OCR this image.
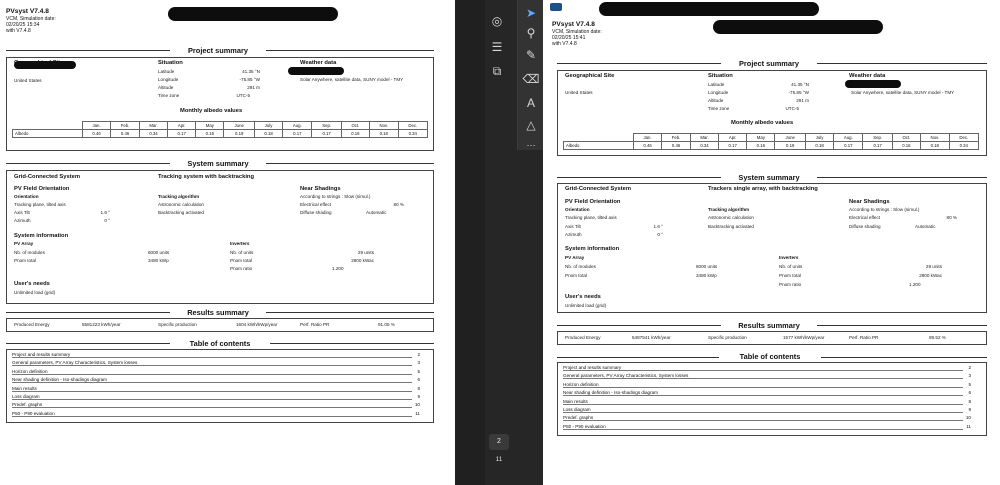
PVsyst V7.4.8
VCM, Simulation date:
02/20/25 15:34
with V7.4.8
Project summary
Geographical Site
United States
Situation
Latitude	41.35 °N
Longitude	-75.85 °W
Altitude	291 m
Time zone	UTC-5
Weather data
Solar Anywhere, satellite data, SUNY model - TMY
Monthly albedo values
	Jan.	Feb.	Mar.	Apr.	May	June	July	Aug.	Sep.	Oct.	Nov.	Dec.
Albedo	0.46	0.46	0.34	0.17	0.16	0.19	0.18	0.17	0.17	0.16	0.18	0.34
System summary
Grid-Connected System	Tracking system with backtracking
PV Field Orientation
Orientation
Tracking plane, tilted axis
Axis Tilt	1.6 °
Azimuth	0 °
Tracking algorithm
Astronomic calculation
Backtracking activated
Near Shadings
According to strings : Slow (simul.)
Electrical effect	80 %
Diffuse shading	Automatic
System information
PV Array
Nb. of modules	6000 units
Pnom total	3480 kWp
Inverters
Nb. of units	29 units
Pnom total	2900 kWac
Pnom ratio	1.200
User's needs
Unlimited load (grid)
Results summary
Produced Energy	5581223 kWh/year	Specific production	1604 kWh/kWp/year	Perf. Ratio PR	91.05 %
Table of contents
Project and results summary	2
General parameters, PV Array Characteristics, System losses	3
Horizon definition	5
Near shading definition - Iso-shadings diagram	6
Main results	8
Loss diagram	9
Predef. graphs	10
P50 - P90 evaluation	11
◎
☰
⧉
➤
⚲
✎
⌫
A
△
⋯
2
11
PVsyst V7.4.8
VCM, Simulation date:
02/20/25 15:41
with V7.4.8
Project summary
Geographical Site
United States
Situation
Latitude	41.35 °N
Longitude	-75.85 °W
Altitude	291 m
Time zone	UTC-5
Weather data
Solar Anywhere, satellite data, SUNY model - TMY
Monthly albedo values
	Jan.	Feb.	Mar.	Apr.	May	June	July	Aug.	Sep.	Oct.	Nov.	Dec.
Albedo	0.46	0.46	0.34	0.17	0.16	0.19	0.18	0.17	0.17	0.16	0.18	0.34
System summary
Grid-Connected System	Trackers single array, with backtracking
PV Field Orientation
Orientation
Tracking plane, tilted axis
Axis Tilt	1.6 °
Azimuth	0 °
Tracking algorithm
Astronomic calculation
Backtracking activated
Near Shadings
According to strings : Slow (simul.)
Electrical effect	80 %
Diffuse shading	Automatic
System information
PV Array
Nb. of modules	6000 units
Pnom total	3480 kWp
Inverters
Nb. of units	29 units
Pnom total	2900 kWac
Pnom ratio	1.200
User's needs
Unlimited load (grid)
Results summary
Produced Energy	5487541 kWh/year	Specific production	1577 kWh/kWp/year	Perf. Ratio PR	89.52 %
Table of contents
Project and results summary	2
General parameters, PV Array Characteristics, System losses	3
Horizon definition	5
Near shading definition - Iso-shadings diagram	6
Main results	8
Loss diagram	9
Predef. graphs	10
P50 - P90 evaluation	11
